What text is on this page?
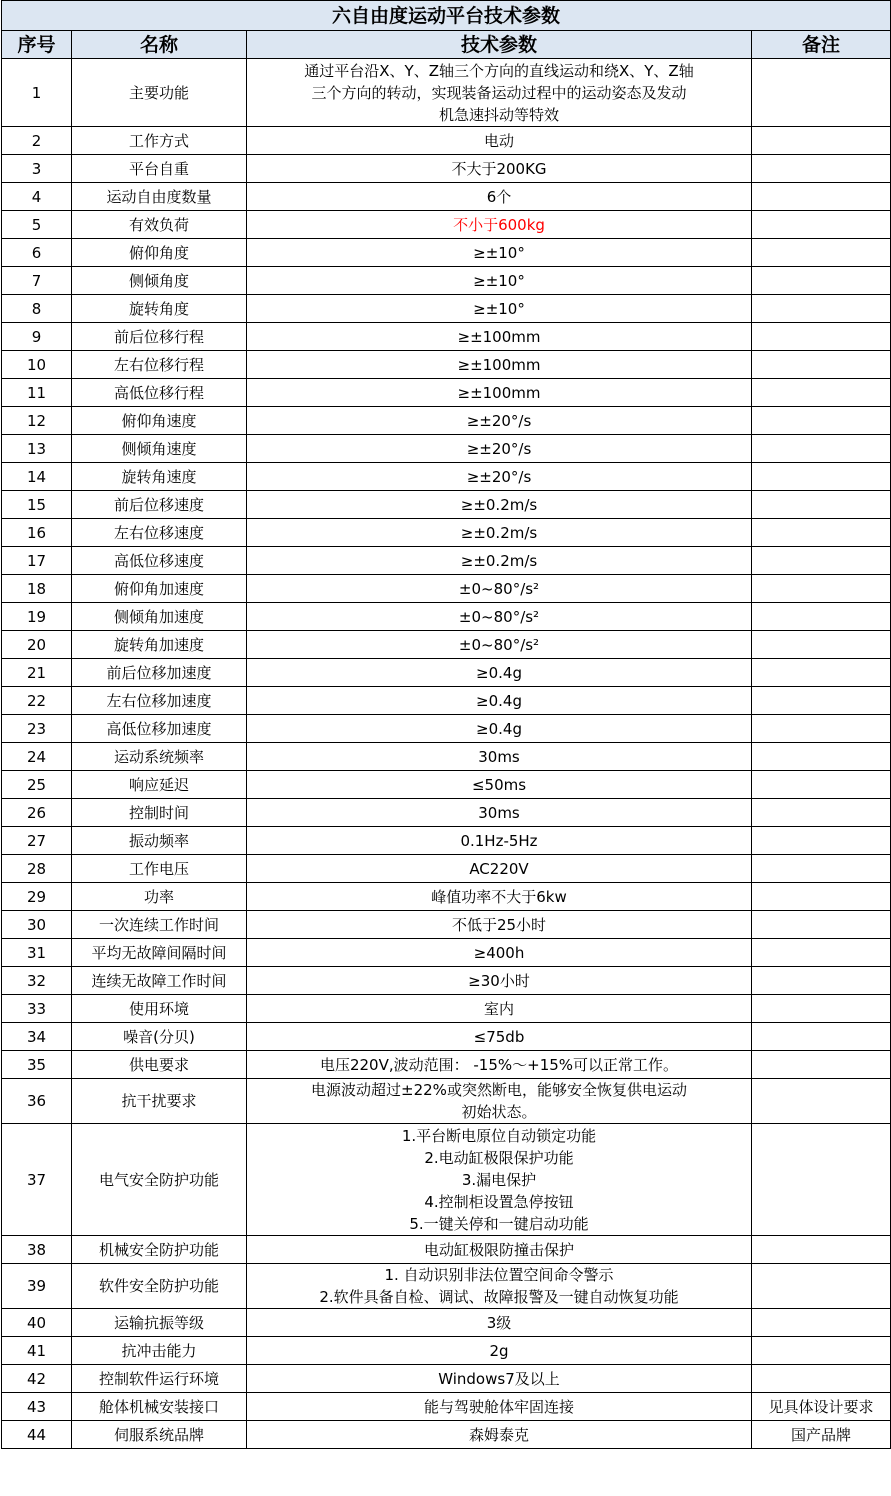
六自由度运动平台技术参数			
序号	名称	技术参数	备注
1	主要功能	通过平台沿X、Y、Z轴三个方向的直线运动和绕X、Y、Z轴
三个方向的转动，实现装备运动过程中的运动姿态及发动
机急速抖动等特效	

2	工作方式	电动	

3	平台自重	不大于200KG	

4	运动自由度数量	6个	

5	有效负荷	不小于600kg	

6	俯仰角度	≥±10°	

7	侧倾角度	≥±10°	

8	旋转角度	≥±10°	

9	前后位移行程	≥±100mm	

10	左右位移行程	≥±100mm	

11	高低位移行程	≥±100mm	

12	俯仰角速度	≥±20°/s	

13	侧倾角速度	≥±20°/s	

14	旋转角速度	≥±20°/s	

15	前后位移速度	≥±0.2m/s	

16	左右位移速度	≥±0.2m/s	

17	高低位移速度	≥±0.2m/s	

18	俯仰角加速度	±0~80°/s²	

19	侧倾角加速度	±0~80°/s²	

20	旋转角加速度	±0~80°/s²	

21	前后位移加速度	≥0.4g	

22	左右位移加速度	≥0.4g	

23	高低位移加速度	≥0.4g	

24	运动系统频率	30ms	

25	响应延迟	≤50ms	

26	控制时间	30ms	

27	振动频率	0.1Hz-5Hz	

28	工作电压	AC220V	

29	功率	峰值功率不大于6kw	

30	一次连续工作时间	不低于25小时	

31	平均无故障间隔时间	≥400h	

32	连续无故障工作时间	≥30小时	

33	使用环境	室内	

34	噪音(分贝)	≤75db	

35	供电要求	电压220V,波动范围： -15%～+15%可以正常工作。	

36	抗干扰要求	电源波动超过±22%或突然断电，能够安全恢复供电运动
初始状态。	

37	电气安全防护功能	1.平台断电原位自动锁定功能
2.电动缸极限保护功能
3.漏电保护
4.控制柜设置急停按钮
5.一键关停和一键启动功能	

38	机械安全防护功能	电动缸极限防撞击保护	

39	软件安全防护功能	1. 自动识别非法位置空间命令警示
2.软件具备自检、调试、故障报警及一键自动恢复功能	

40	运输抗振等级	3级	

41	抗冲击能力	2g	

42	控制软件运行环境	Windows7及以上	

43	舱体机械安装接口	能与驾驶舱体牢固连接	见具体设计要求
44	伺服系统品牌	森姆泰克	国产品牌
